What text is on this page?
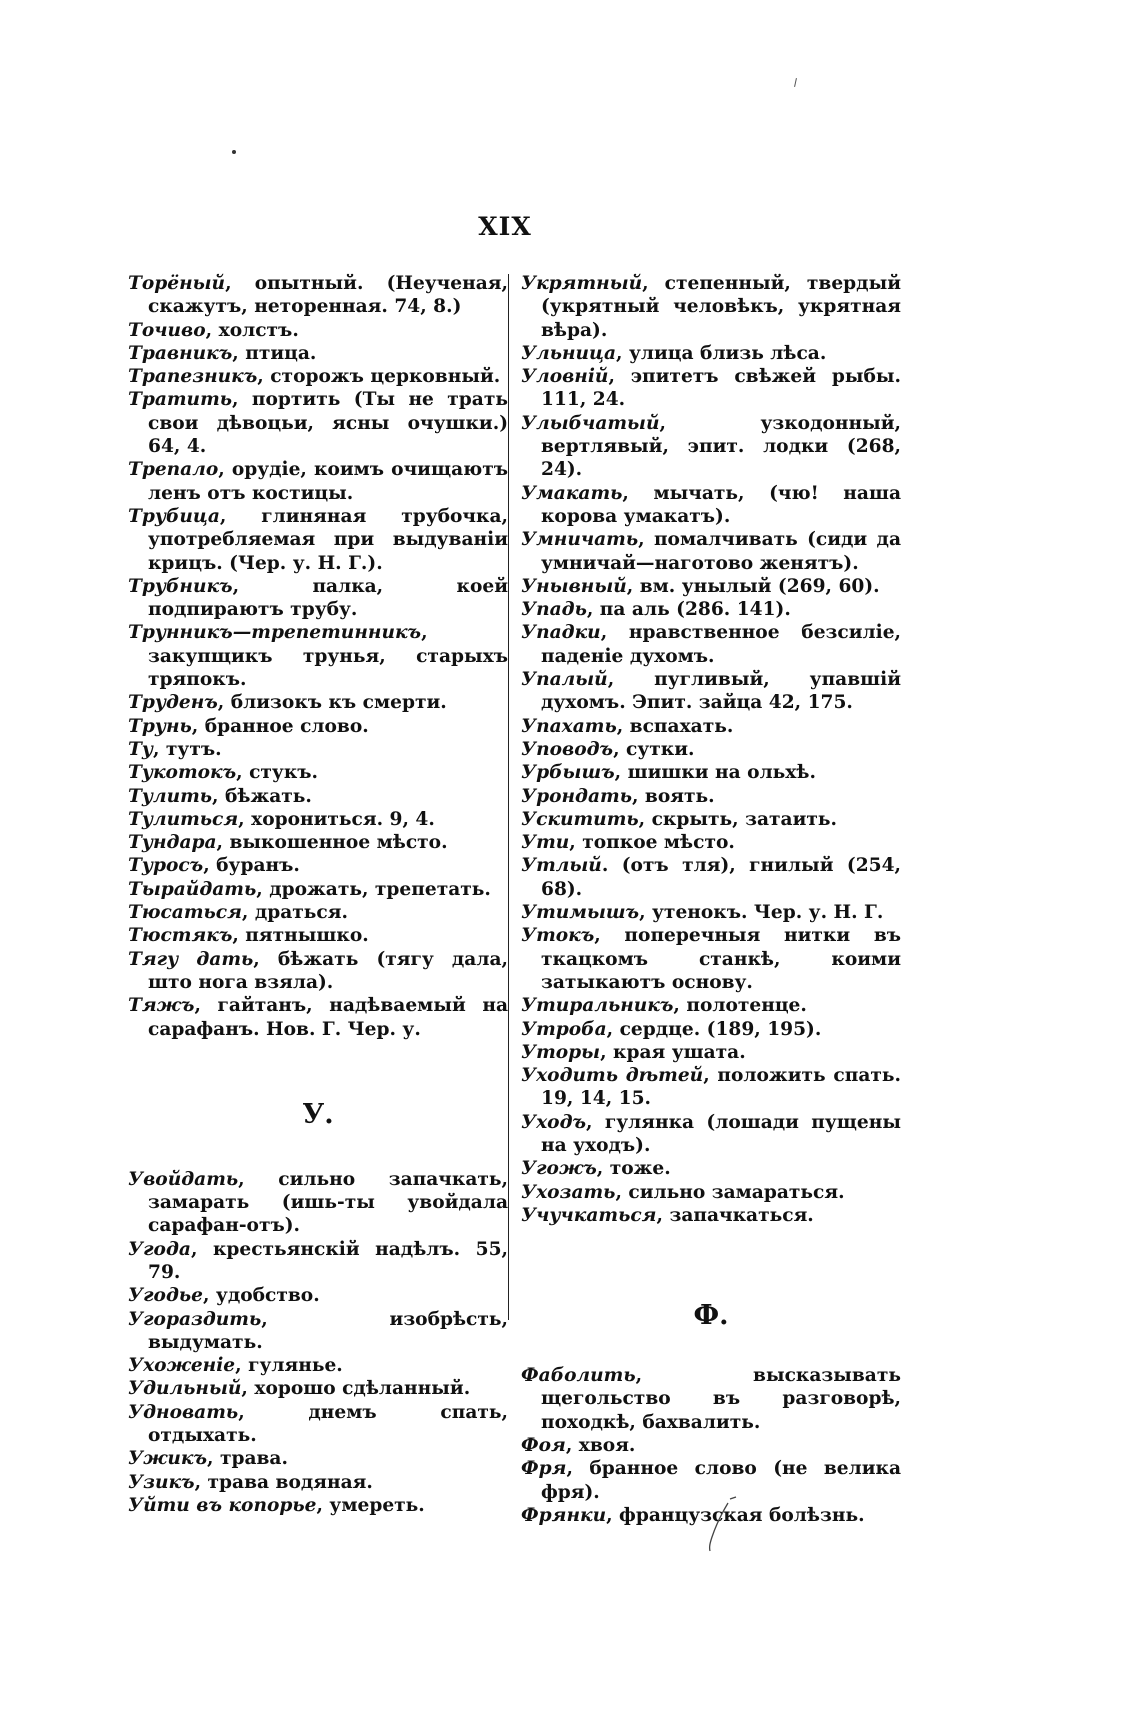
XIX
Торёный, опытный. (Неученая, скажутъ, неторенная. 74, 8.)
Точиво, холстъ.
Травникъ, птица.
Трапезникъ, сторожъ церковный.
Тратить, портить (Ты не трать свои дѣвоцьи, ясны очушки.) 64, 4.
Трепало, орудіе, коимъ очищаютъ ленъ отъ костицы.
Трубица, глиняная трубочка, употребляемая при выдуваніи крицъ. (Чер. у. Н. Г.).
Трубникъ, палка, коей подпираютъ трубу.
Трунникъ—трепетинникъ, закупщикъ трунья, старыхъ тряпокъ.
Труденъ, близокъ къ смерти.
Трунь, бранное слово.
Ту, тутъ.
Тукотокъ, стукъ.
Тулить, бѣжать.
Тулиться, хорониться. 9, 4.
Тундара, выкошенное мѣсто.
Туросъ, буранъ.
Тырайдать, дрожать, трепетать.
Тюсаться, драться.
Тюстякъ, пятнышко.
Тягу дать, бѣжать (тягу дала, што нога взяла).
Тяжъ, гайтанъ, надѣваемый на сарафанъ. Нов. Г. Чер. у.
У.
Увойдать, сильно запачкать, замарать (ишь-ты увойдала сарафан-отъ).
Угода, крестьянскій надѣлъ. 55, 79.
Угодье, удобство.
Угораздить, изобрѣсть, выдумать.
Ухоженіе, гулянье.
Удильный, хорошо сдѣланный.
Удновать, днемъ спать, отдыхать.
Ужикъ, трава.
Узикъ, трава водяная.
Уйти въ копорье, умереть.
Укрятный, степенный, твердый (укрятный человѣкъ, укрятная вѣра).
Ульница, улица близь лѣса.
Уловній, эпитетъ свѣжей рыбы. 111, 24.
Улыбчатый, узкодонный, вертлявый, эпит. лодки (268, 24).
Умакать, мычать, (чю! наша корова умакатъ).
Умничать, помалчивать (сиди да умничай—наготово женятъ).
Унывный, вм. унылый (269, 60).
Упадь, па аль (286. 141).
Упадки, нравственное безсиліе, паденіе духомъ.
Упалый, пугливый, упавшій духомъ. Эпит. зайца 42, 175.
Упахать, вспахать.
Уповодъ, сутки.
Урбышъ, шишки на ольхѣ.
Урондать, воять.
Ускитить, скрыть, затаить.
Ути, топкое мѣсто.
Утлый. (отъ тля), гнилый (254, 68).
Утимышъ, утенокъ. Чер. у. Н. Г.
Утокъ, поперечныя нитки въ ткацкомъ станкѣ, коими затыкаютъ основу.
Утиральникъ, полотенце.
Утроба, сердце. (189, 195).
Уторы, края ушата.
Уходить дѣтей, положить спать. 19, 14, 15.
Уходъ, гулянка (лошади пущены на уходъ).
Угожъ, тоже.
Ухозать, сильно замараться.
Учучкаться, запачкаться.
Ф.
Фаболить, высказывать щегольство въ разговорѣ, походкѣ, бахвалить.
Фоя, хвоя.
Фря, бранное слово (не велика фря).
Фрянки, французская болѣзнь.
